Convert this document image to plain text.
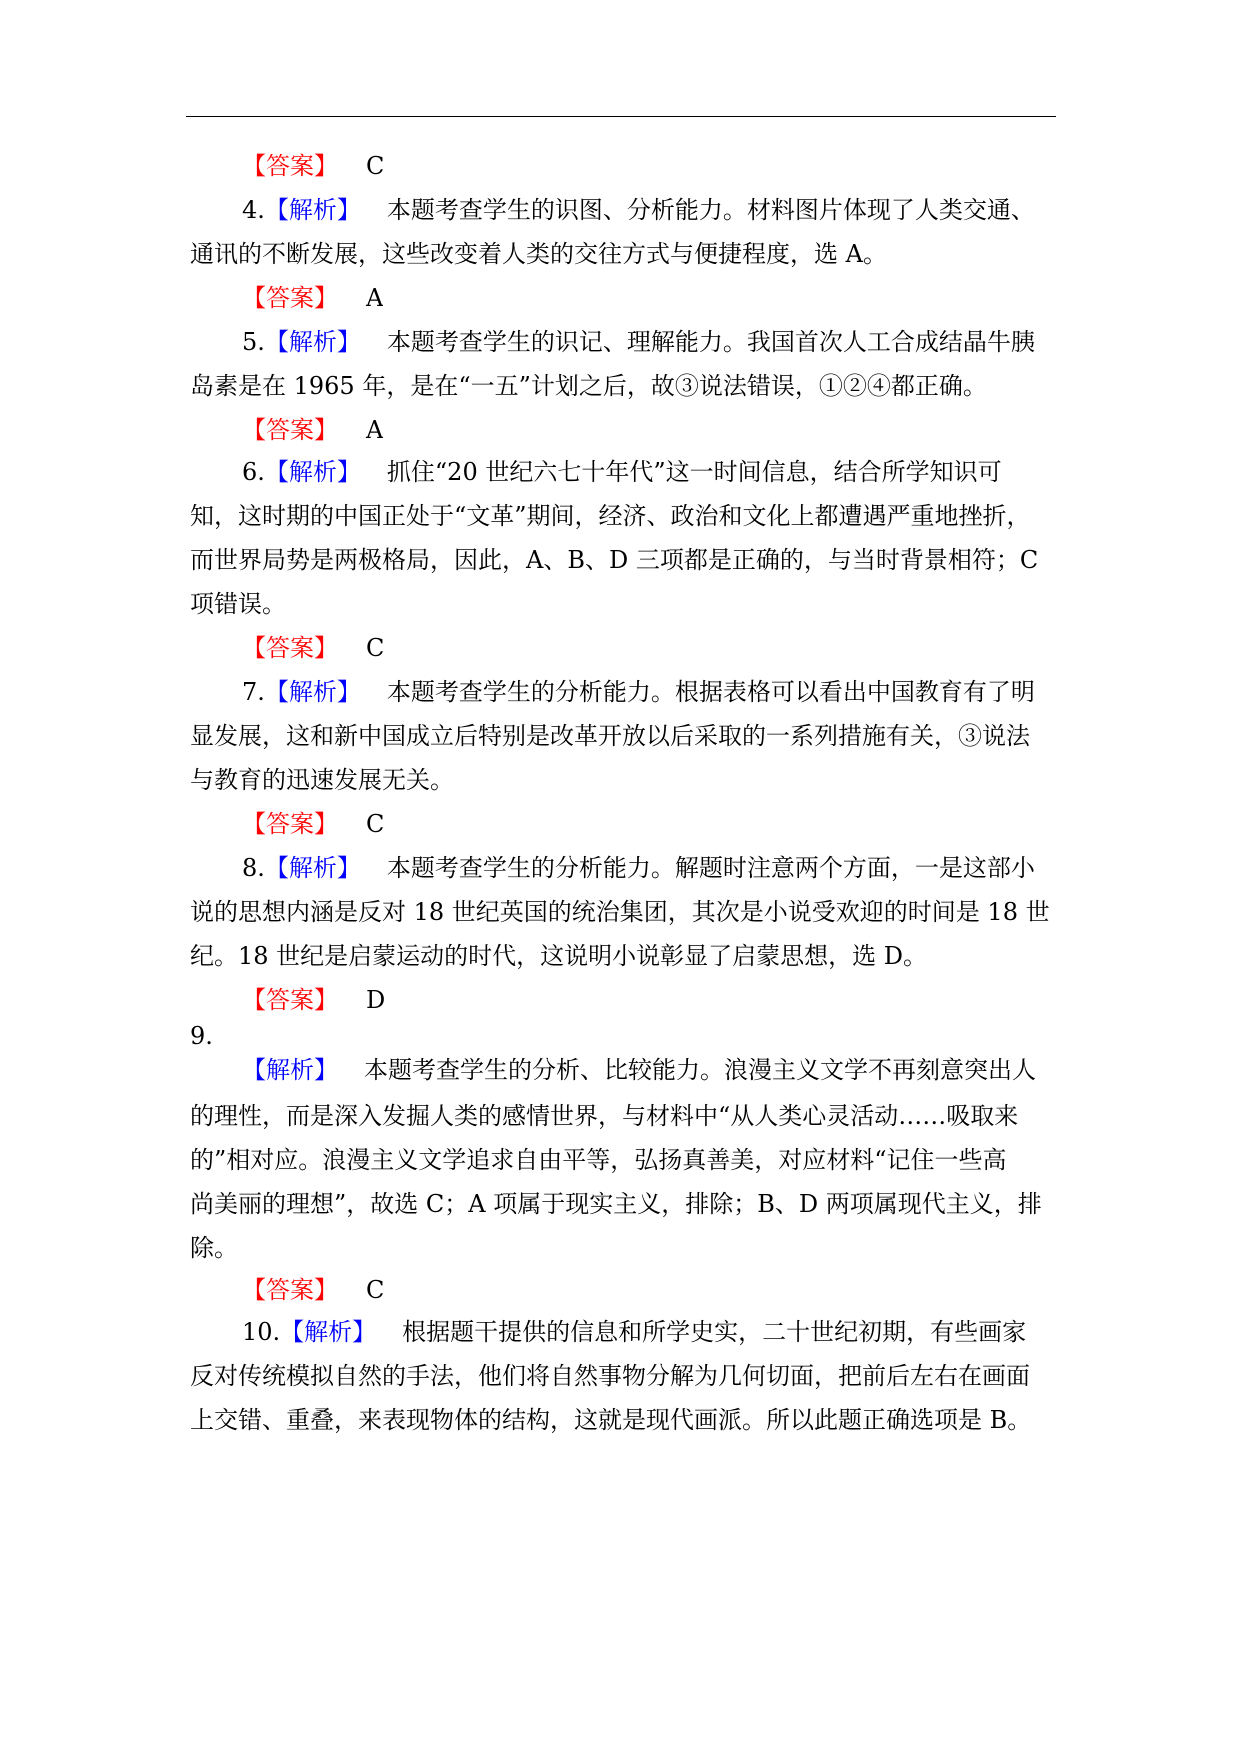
【答案】 C
4.【解析】 本题考查学生的识图、分析能力。材料图片体现了人类交通、
通讯的不断发展，这些改变着人类的交往方式与便捷程度，选 A。
【答案】 A
5.【解析】 本题考查学生的识记、理解能力。我国首次人工合成结晶牛胰
岛素是在 1965 年，是在“一五”计划之后，故③说法错误，①②④都正确。
【答案】 A
6.【解析】 抓住“20 世纪六七十年代”这一时间信息，结合所学知识可
知，这时期的中国正处于“文革”期间，经济、政治和文化上都遭遇严重地挫折，
而世界局势是两极格局，因此，A、B、D 三项都是正确的，与当时背景相符；C
项错误。
【答案】 C
7.【解析】 本题考查学生的分析能力。根据表格可以看出中国教育有了明
显发展，这和新中国成立后特别是改革开放以后采取的一系列措施有关，③说法
与教育的迅速发展无关。
【答案】 C
8.【解析】 本题考查学生的分析能力。解题时注意两个方面，一是这部小
说的思想内涵是反对 18 世纪英国的统治集团，其次是小说受欢迎的时间是 18 世
纪。18 世纪是启蒙运动的时代，这说明小说彰显了启蒙思想，选 D。
【答案】 D
9.
【解析】 本题考查学生的分析、比较能力。浪漫主义文学不再刻意突出人
的理性，而是深入发掘人类的感情世界，与材料中“从人类心灵活动……吸取来
的”相对应。浪漫主义文学追求自由平等，弘扬真善美，对应材料“记住一些高
尚美丽的理想”，故选 C；A 项属于现实主义，排除；B、D 两项属现代主义，排
除。
【答案】 C
10.【解析】 根据题干提供的信息和所学史实，二十世纪初期，有些画家
反对传统模拟自然的手法，他们将自然事物分解为几何切面，把前后左右在画面
上交错、重叠，来表现物体的结构，这就是现代画派。所以此题正确选项是 B。
